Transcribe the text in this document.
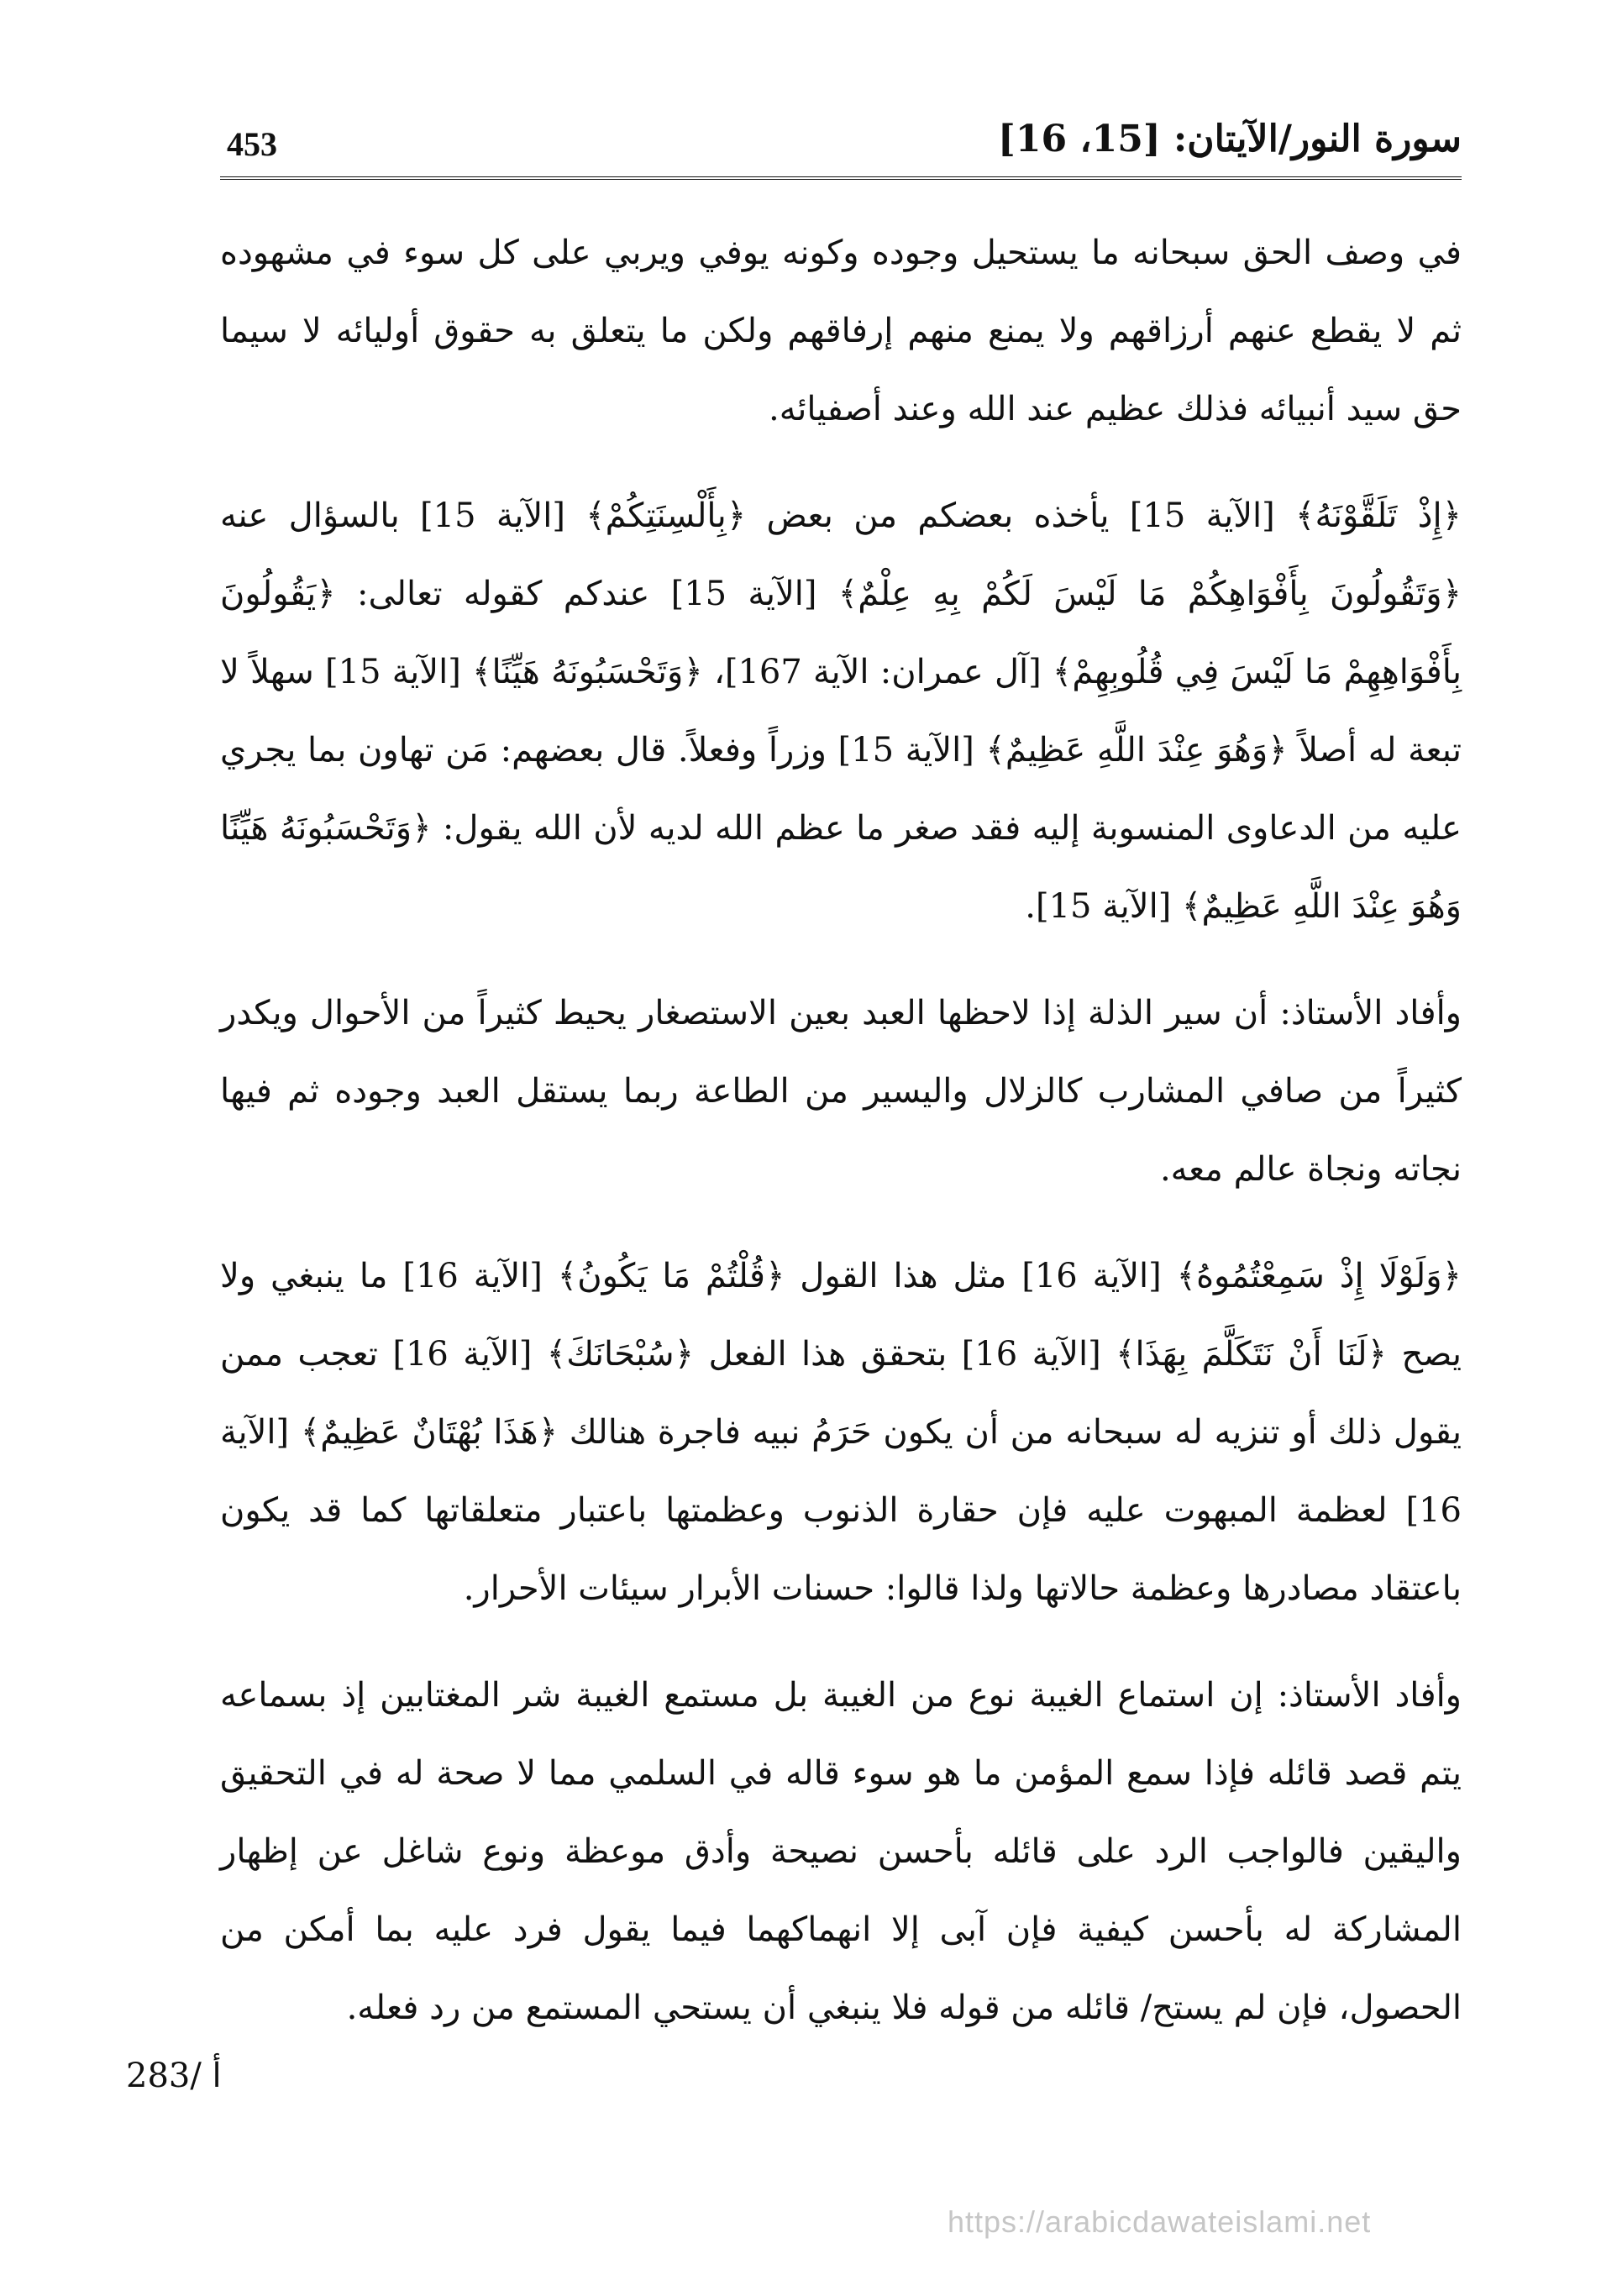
453	سورة النور/الآيتان: [15، 16]

في وصف الحق سبحانه ما يستحيل وجوده وكونه يوفي ويربي على كل سوء في مشهوده ثم لا يقطع عنهم أرزاقهم ولا يمنع منهم إرفاقهم ولكن ما يتعلق به حقوق أوليائه لا سيما حق سيد أنبيائه فذلك عظيم عند الله وعند أصفيائه.

﴿إِذْ تَلَقَّوْنَهُ﴾ [الآية 15] يأخذه بعضكم من بعض ﴿بِأَلْسِنَتِكُمْ﴾ [الآية 15] بالسؤال عنه ﴿وَتَقُولُونَ بِأَفْوَاهِكُمْ مَا لَيْسَ لَكُمْ بِهِ عِلْمٌ﴾ [الآية 15] عندكم كقوله تعالى: ﴿يَقُولُونَ بِأَفْوَاهِهِمْ مَا لَيْسَ فِي قُلُوبِهِمْ﴾ [آل عمران: الآية 167]، ﴿وَتَحْسَبُونَهُ هَيِّنًا﴾ [الآية 15] سهلاً لا تبعة له أصلاً ﴿وَهُوَ عِنْدَ اللَّهِ عَظِيمٌ﴾ [الآية 15] وزراً وفعلاً. قال بعضهم: مَن تهاون بما يجري عليه من الدعاوى المنسوبة إليه فقد صغر ما عظم الله لديه لأن الله يقول: ﴿وَتَحْسَبُونَهُ هَيِّنًا وَهُوَ عِنْدَ اللَّهِ عَظِيمٌ﴾ [الآية 15].

وأفاد الأستاذ: أن سير الذلة إذا لاحظها العبد بعين الاستصغار يحيط كثيراً من الأحوال ويكدر كثيراً من صافي المشارب كالزلال واليسير من الطاعة ربما يستقل العبد وجوده ثم فيها نجاته ونجاة عالم معه.

﴿وَلَوْلَا إِذْ سَمِعْتُمُوهُ﴾ [الآية 16] مثل هذا القول ﴿قُلْتُمْ مَا يَكُونُ﴾ [الآية 16] ما ينبغي ولا يصح ﴿لَنَا أَنْ نَتَكَلَّمَ بِهَذَا﴾ [الآية 16] بتحقق هذا الفعل ﴿سُبْحَانَكَ﴾ [الآية 16] تعجب ممن يقول ذلك أو تنزيه له سبحانه من أن يكون حَرَمُ نبيه فاجرة هنالك ﴿هَذَا بُهْتَانٌ عَظِيمٌ﴾ [الآية 16] لعظمة المبهوت عليه فإن حقارة الذنوب وعظمتها باعتبار متعلقاتها كما قد يكون باعتقاد مصادرها وعظمة حالاتها ولذا قالوا: حسنات الأبرار سيئات الأحرار.

وأفاد الأستاذ: إن استماع الغيبة نوع من الغيبة بل مستمع الغيبة شر المغتابين إذ بسماعه يتم قصد قائله فإذا سمع المؤمن ما هو سوء قاله في السلمي مما لا صحة له في التحقيق واليقين فالواجب الرد على قائله بأحسن نصيحة وأدق موعظة ونوع شاغل عن إظهار المشاركة له بأحسن كيفية فإن آبى إلا انهماكهما فيما يقول فرد عليه بما أمكن من الحصول، فإن لم يستح/ قائله من قوله فلا ينبغي أن يستحي المستمع من رد فعله.

283/ أ
https://arabicdawateislami.net
